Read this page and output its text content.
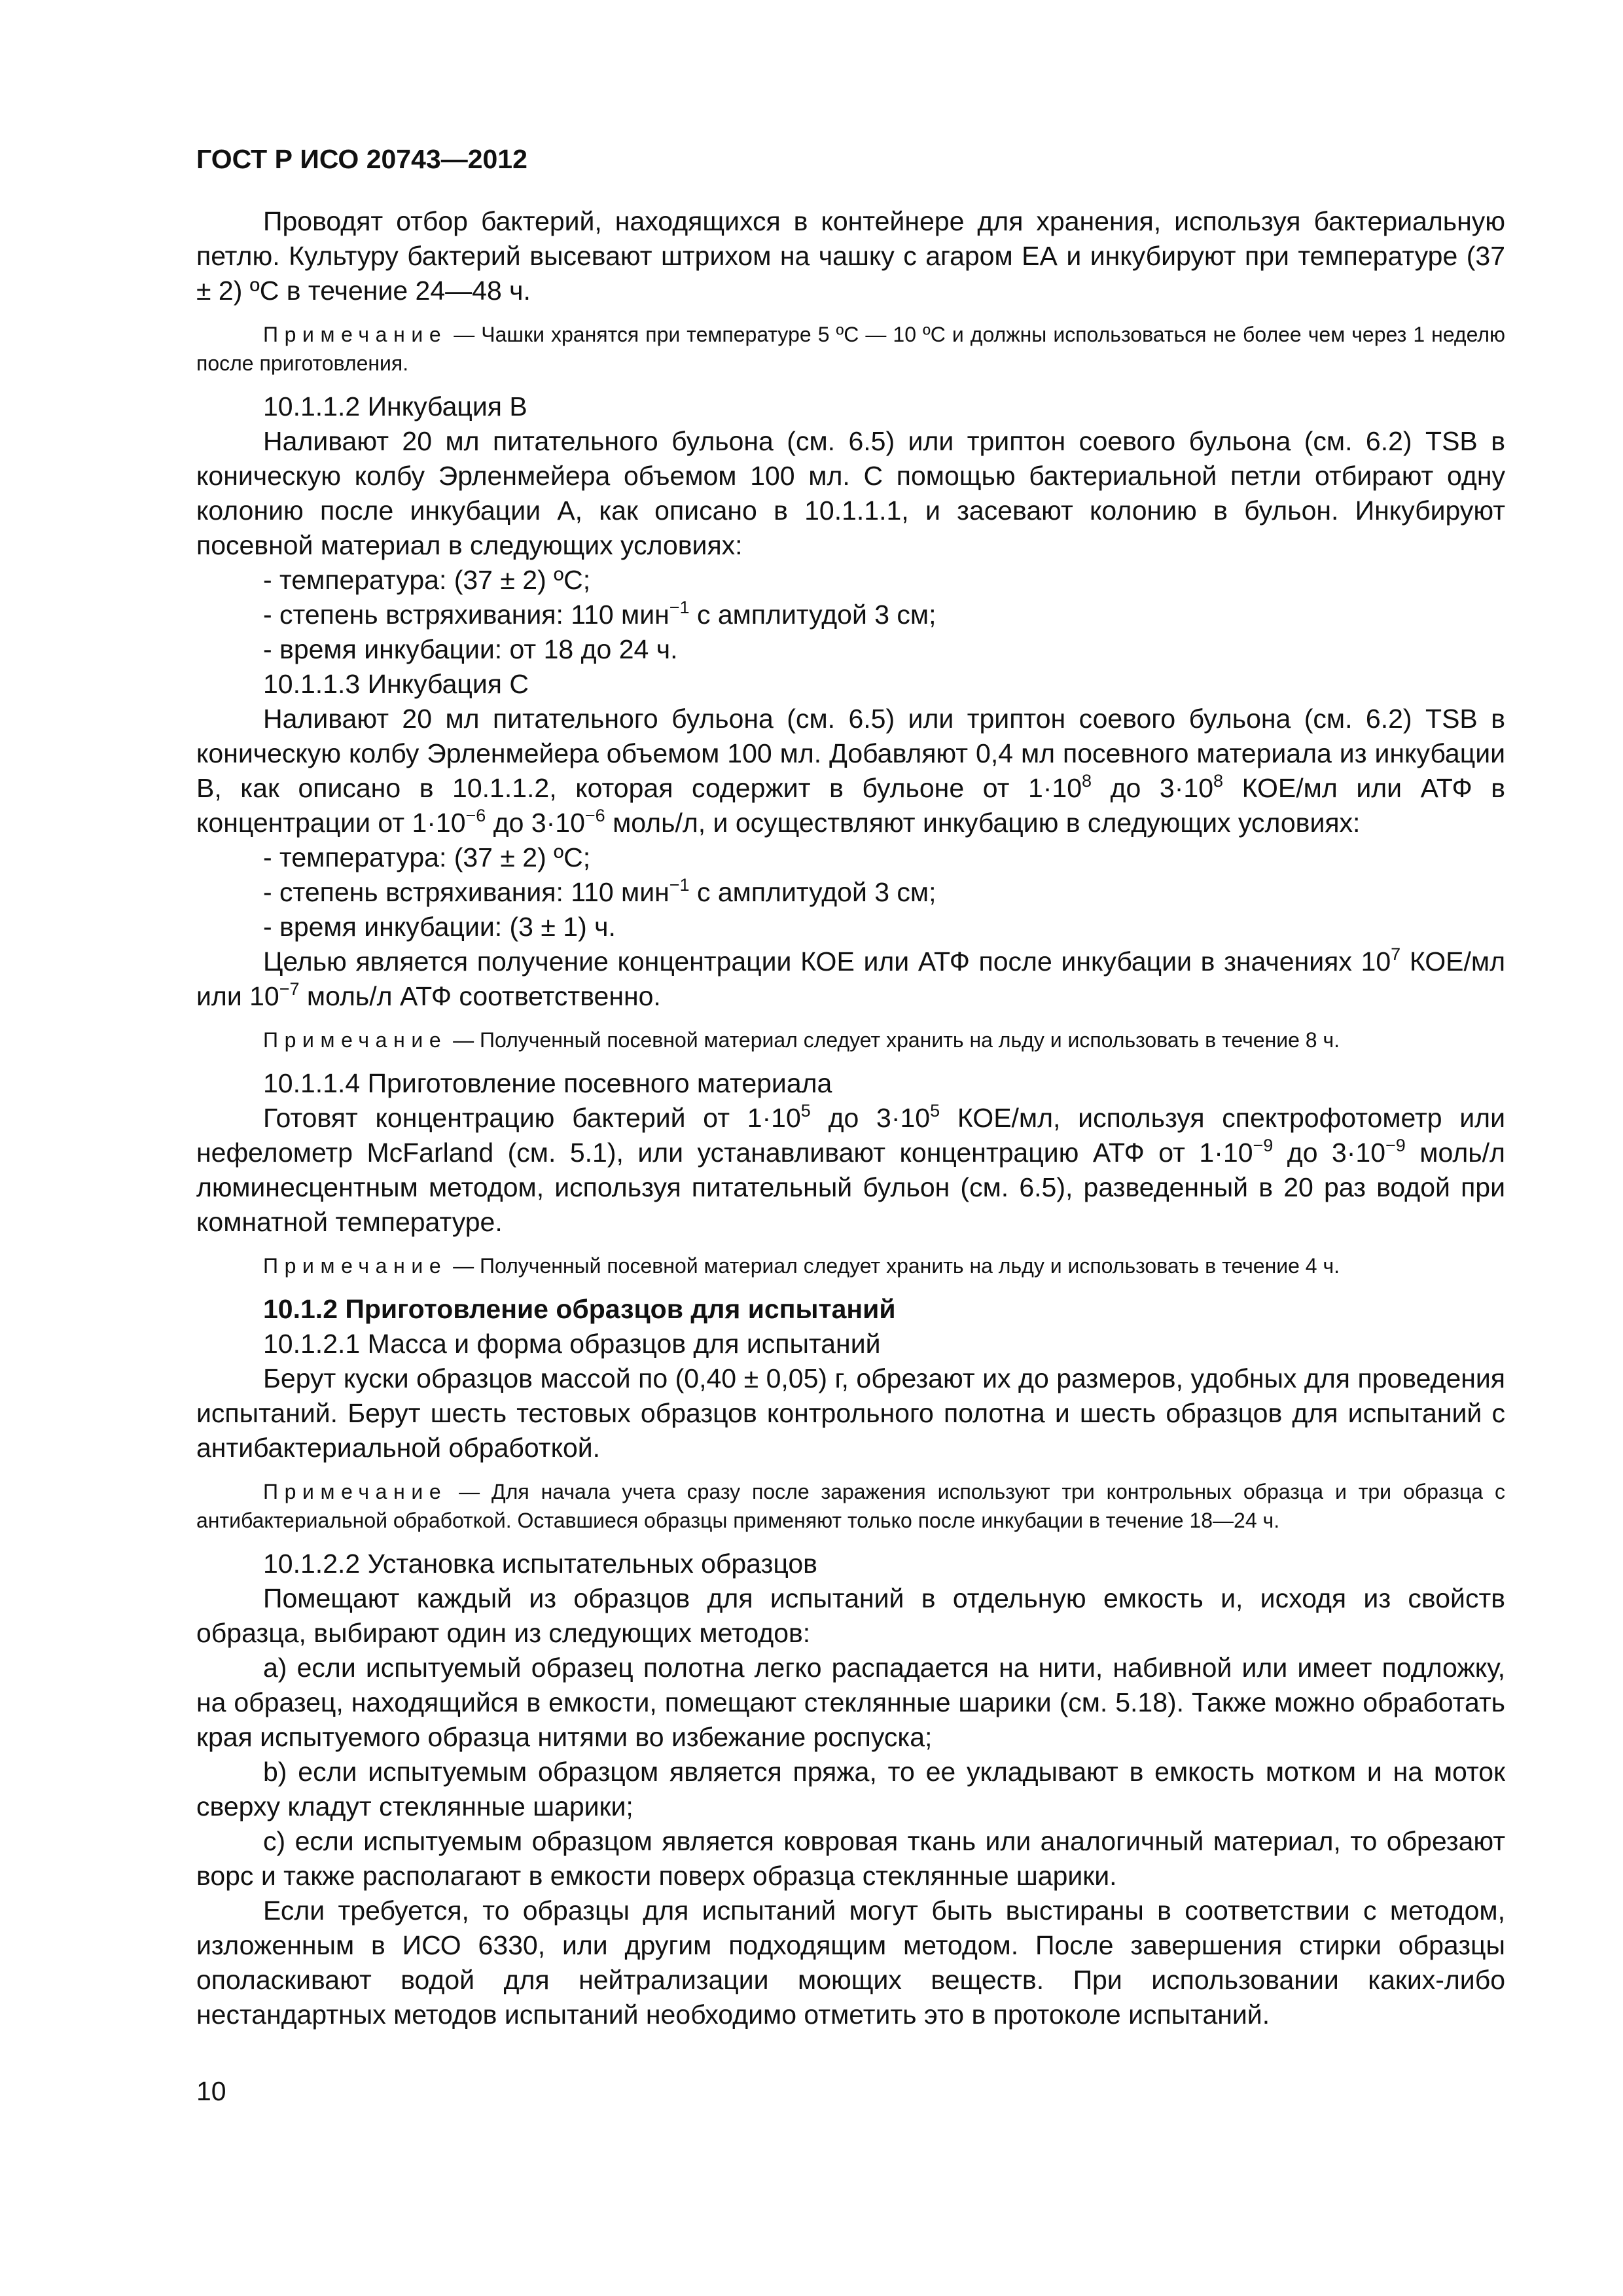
ГОСТ Р ИСО 20743—2012

Проводят отбор бактерий, находящихся в контейнере для хранения, используя бактериальную петлю. Культуру бактерий высевают штрихом на чашку с агаром ЕА и инкубируют при температуре (37 ± 2) ºС в течение 24—48 ч.

Примечание — Чашки хранятся при температуре 5 ºС — 10 ºС и должны использоваться не более чем через 1 неделю после приготовления.

10.1.1.2 Инкубация В

Наливают 20 мл питательного бульона (см. 6.5) или триптон соевого бульона (см. 6.2) TSB в коническую колбу Эрленмейера объемом 100 мл. С помощью бактериальной петли отбирают одну колонию после инкубации А, как описано в 10.1.1.1, и засевают колонию в бульон. Инкубируют посевной материал в следующих условиях:

- температура: (37 ± 2) ºС;

- степень встряхивания: 110 мин$^{-1}$ с амплитудой 3 см;

- время инкубации: от 18 до 24 ч.

10.1.1.3 Инкубация С

Наливают 20 мл питательного бульона (см. 6.5) или триптон соевого бульона (см. 6.2) TSB в коническую колбу Эрленмейера объемом 100 мл. Добавляют 0,4 мл посевного материала из инкубации В, как описано в 10.1.1.2, которая содержит в бульоне от $1\cdot 10^8$ до $3\cdot 10^8$ КОЕ/мл или АТФ в концентрации от $1\cdot 10^{-6}$ до $3\cdot 10^{-6}$ моль/л, и осуществляют инкубацию в следующих условиях:

- температура: (37 ± 2) ºС;

- степень встряхивания: 110 мин$^{-1}$ с амплитудой 3 см;

- время инкубации: (3 ± 1) ч.

Целью является получение концентрации КОЕ или АТФ после инкубации в значениях $10^7$ КОЕ/мл или $10^{-7}$ моль/л АТФ соответственно.

Примечание — Полученный посевной материал следует хранить на льду и использовать в течение 8 ч.

10.1.1.4 Приготовление посевного материала

Готовят концентрацию бактерий от $1\cdot 10^5$ до $3\cdot 10^5$ КОЕ/мл, используя спектрофотометр или нефелометр McFarland (см. 5.1), или устанавливают концентрацию АТФ от $1\cdot 10^{-9}$ до $3\cdot 10^{-9}$ моль/л люминесцентным методом, используя питательный бульон (см. 6.5), разведенный в 20 раз водой при комнатной температуре.

Примечание — Полученный посевной материал следует хранить на льду и использовать в течение 4 ч.

10.1.2 Приготовление образцов для испытаний

10.1.2.1 Масса и форма образцов для испытаний

Берут куски образцов массой по (0,40 ± 0,05) г, обрезают их до размеров, удобных для проведения испытаний. Берут шесть тестовых образцов контрольного полотна и шесть образцов для испытаний с антибактериальной обработкой.

Примечание — Для начала учета сразу после заражения используют три контрольных образца и три образца с антибактериальной обработкой. Оставшиеся образцы применяют только после инкубации в течение 18—24 ч.

10.1.2.2 Установка испытательных образцов

Помещают каждый из образцов для испытаний в отдельную емкость и, исходя из свойств образца, выбирают один из следующих методов:

a) если испытуемый образец полотна легко распадается на нити, набивной или имеет подложку, на образец, находящийся в емкости, помещают стеклянные шарики (см. 5.18). Также можно обработать края испытуемого образца нитями во избежание роспуска;

b) если испытуемым образцом является пряжа, то ее укладывают в емкость мотком и на моток сверху кладут стеклянные шарики;

c) если испытуемым образцом является ковровая ткань или аналогичный материал, то обрезают ворс и также располагают в емкости поверх образца стеклянные шарики.

Если требуется, то образцы для испытаний могут быть выстираны в соответствии с методом, изложенным в ИСО 6330, или другим подходящим методом. После завершения стирки образцы ополаскивают водой для нейтрализации моющих веществ. При использовании каких-либо нестандартных методов испытаний необходимо отметить это в протоколе испытаний.

10
